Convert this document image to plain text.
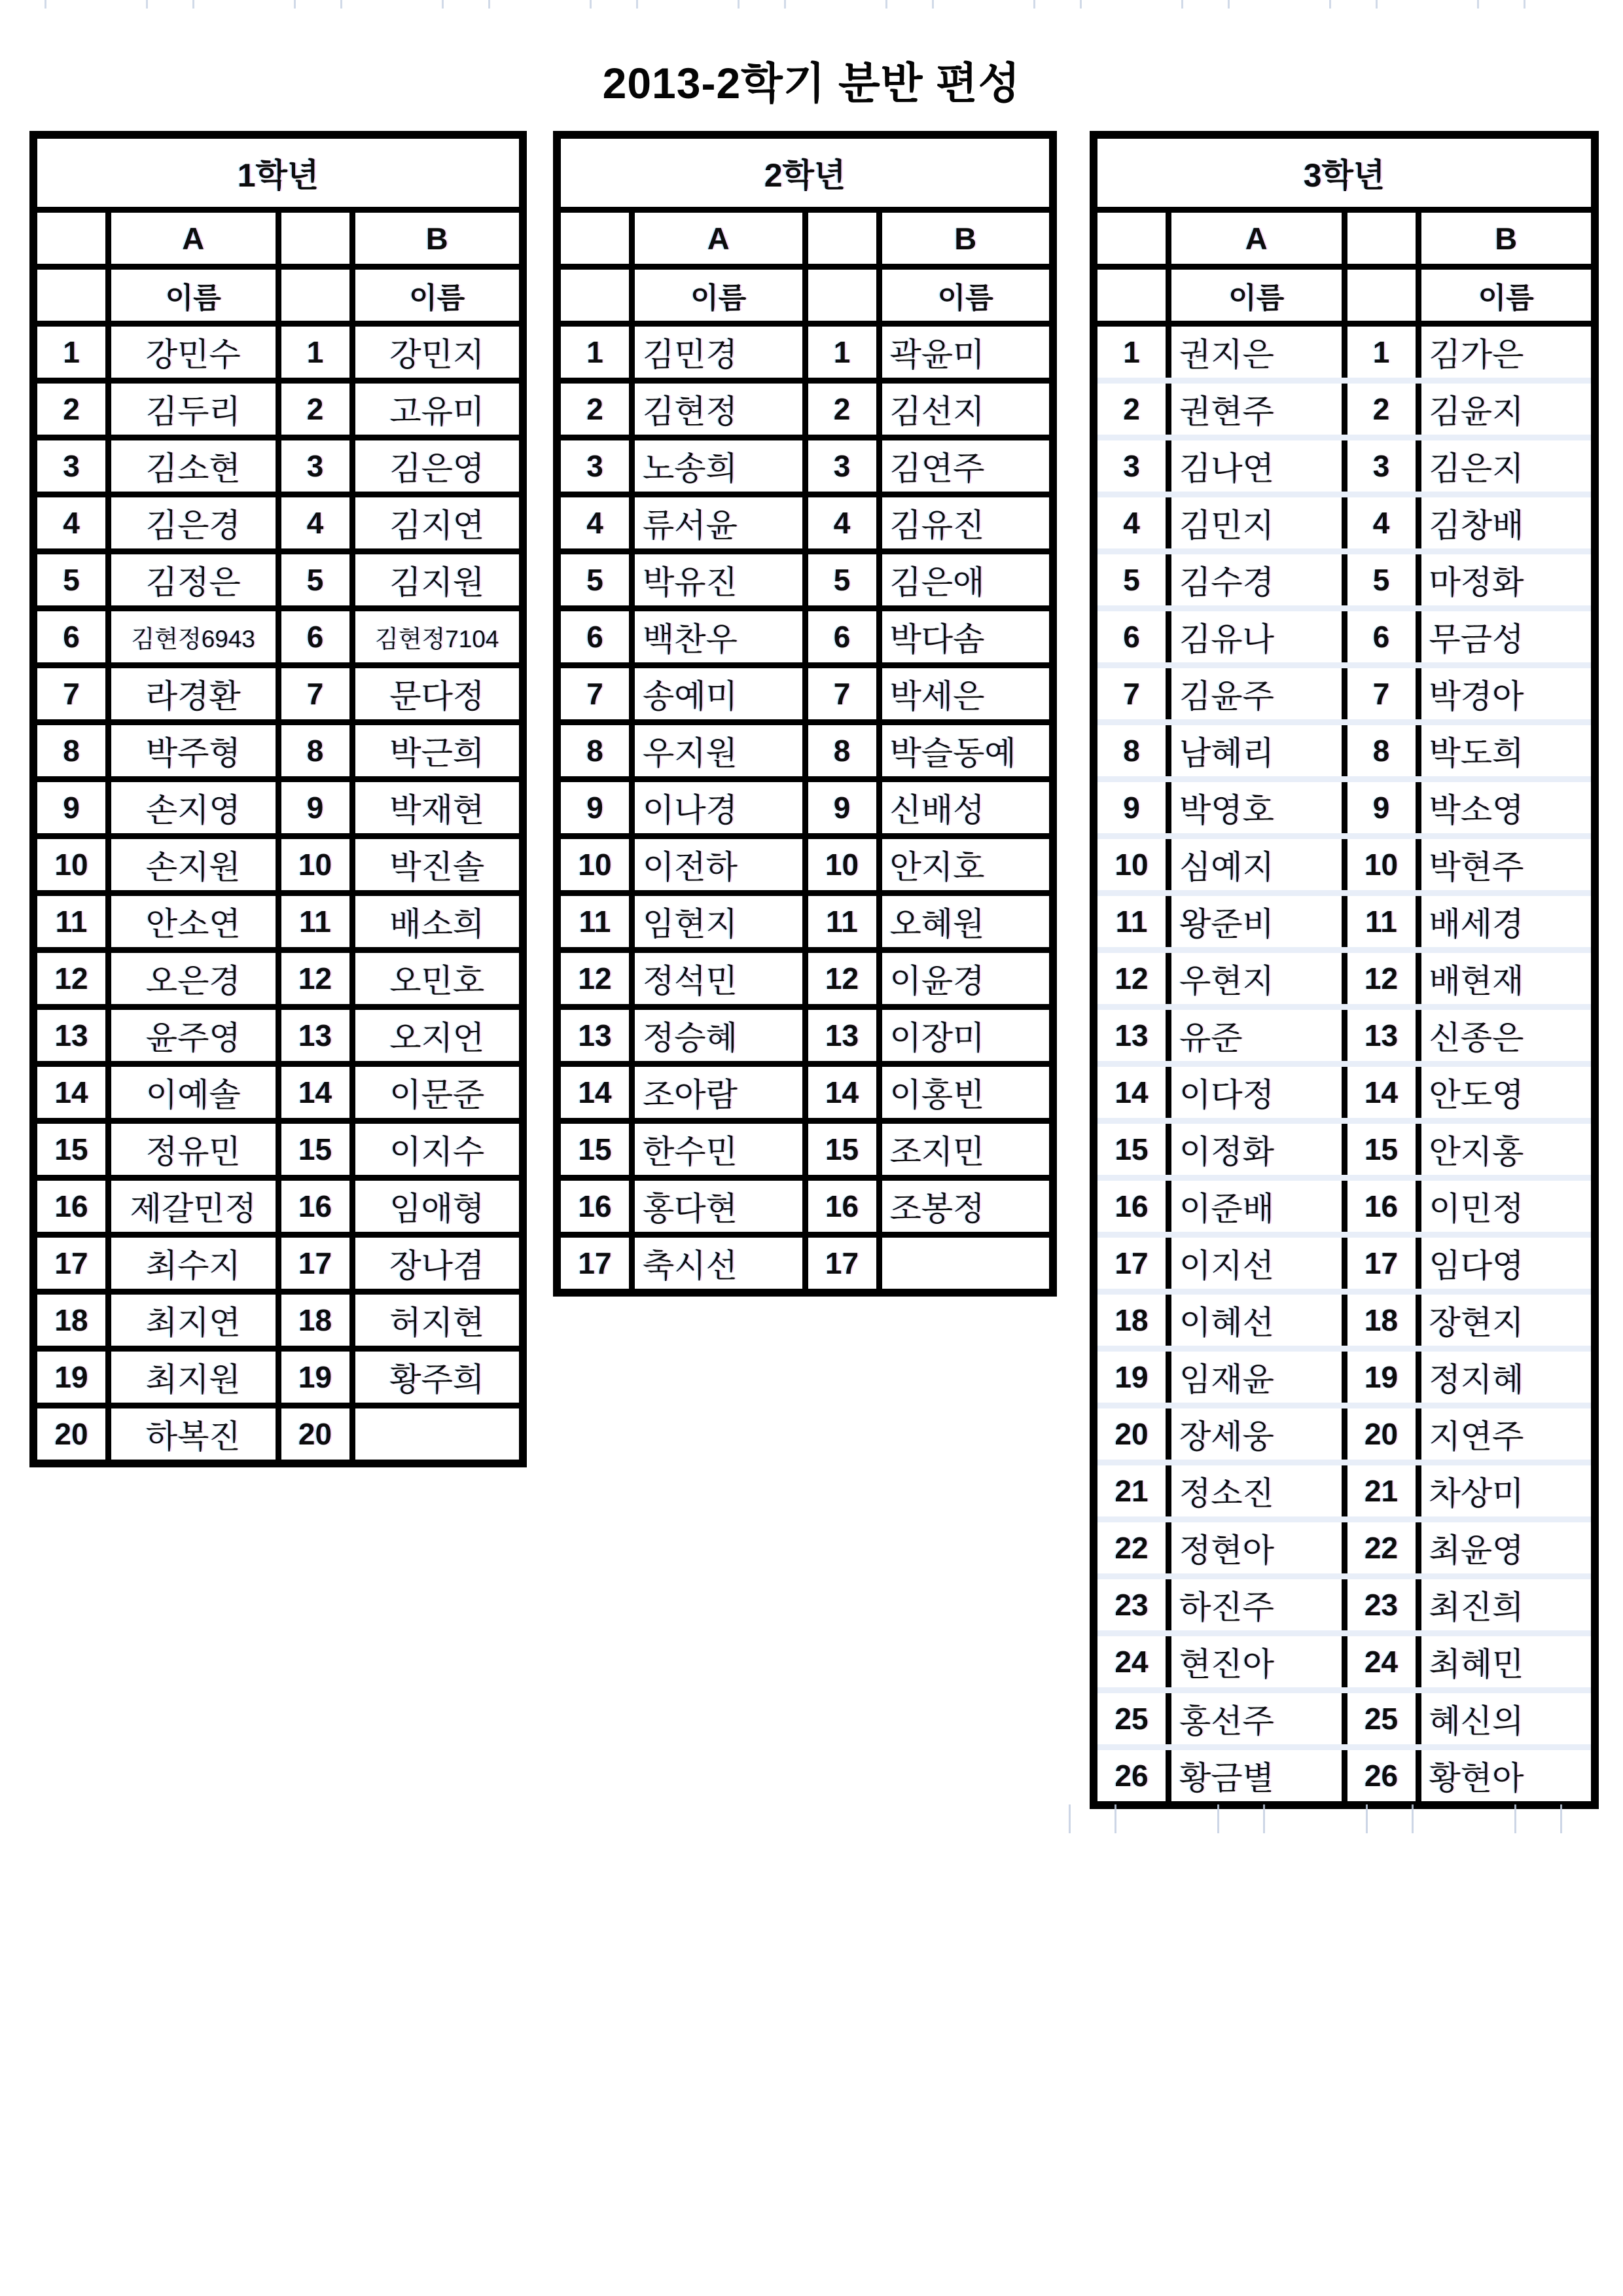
2013-2학기 분반 편성
1학년
A	B
이름	이름
1	강민수	1	강민지
2	김두리	2	고유미
3	김소현	3	김은영
4	김은경	4	김지연
5	김정은	5	김지원
6	김현정6943	6	김현정7104
7	라경환	7	문다정
8	박주형	8	박근희
9	손지영	9	박재현
10	손지원	10	박진솔
11	안소연	11	배소희
12	오은경	12	오민호
13	윤주영	13	오지언
14	이예솔	14	이문준
15	정유민	15	이지수
16	제갈민정	16	임애형
17	최수지	17	장나겸
18	최지연	18	허지현
19	최지원	19	황주희
20	하복진	20
2학년
A	B
이름	이름
1	김민경	1	곽윤미
2	김현정	2	김선지
3	노송희	3	김연주
4	류서윤	4	김유진
5	박유진	5	김은애
6	백찬우	6	박다솜
7	송예미	7	박세은
8	우지원	8	박슬동예
9	이나경	9	신배성
10 이전하	10 안지호
11 임현지	11 오혜원
12 정석민	12 이윤경
13 정승혜	13 이장미
14 조아람	14 이홍빈
15 한수민	15 조지민
16 홍다현	16 조봉정
17 축시선	17
3학년
A	B
이름	이름
1	권지은	1	김가은
2	권현주	2	김윤지
3	김나연	3	김은지
4	김민지	4	김창배
5	김수경	5	마정화
6	김유나	6	무금성
7	김윤주	7	박경아
8	남혜리	8	박도희
9	박영호	9	박소영
10 심예지	10 박현주
11 왕준비	11 배세경
12 우현지	12 배현재
13 유준	13 신종은
14 이다정	14 안도영
15 이정화	15 안지홍
16 이준배	16 이민정
17 이지선	17 임다영
18 이혜선	18 장현지
19 임재윤	19 정지혜
20 장세웅	20 지연주
21 정소진	21 차상미
22 정현아	22 최윤영
23 하진주	23 최진희
24 현진아	24 최혜민
25 홍선주	25 혜신의
26 황금별	26 황현아
